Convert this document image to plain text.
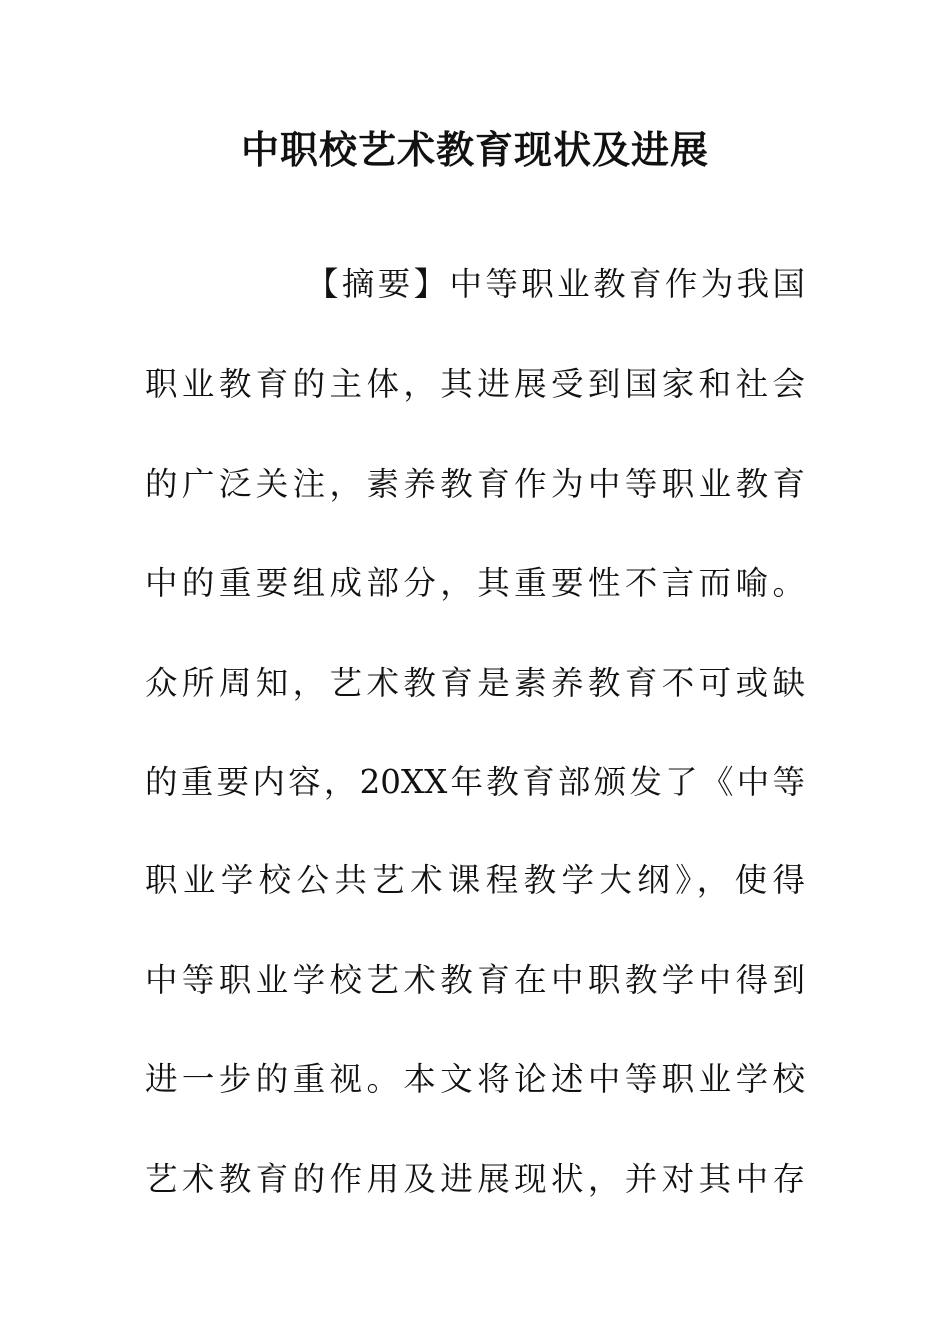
中职校艺术教育现状及进展
【摘要】中等职业教育作为我国
职业教育的主体，其进展受到国家和社会
的广泛关注，素养教育作为中等职业教育
中的重要组成部分，其重要性不言而喻。
众所周知，艺术教育是素养教育不可或缺
的重要内容，20XX年教育部颁发了《中等
职业学校公共艺术课程教学大纲》，使得
中等职业学校艺术教育在中职教学中得到
进一步的重视。本文将论述中等职业学校
艺术教育的作用及进展现状，并对其中存
